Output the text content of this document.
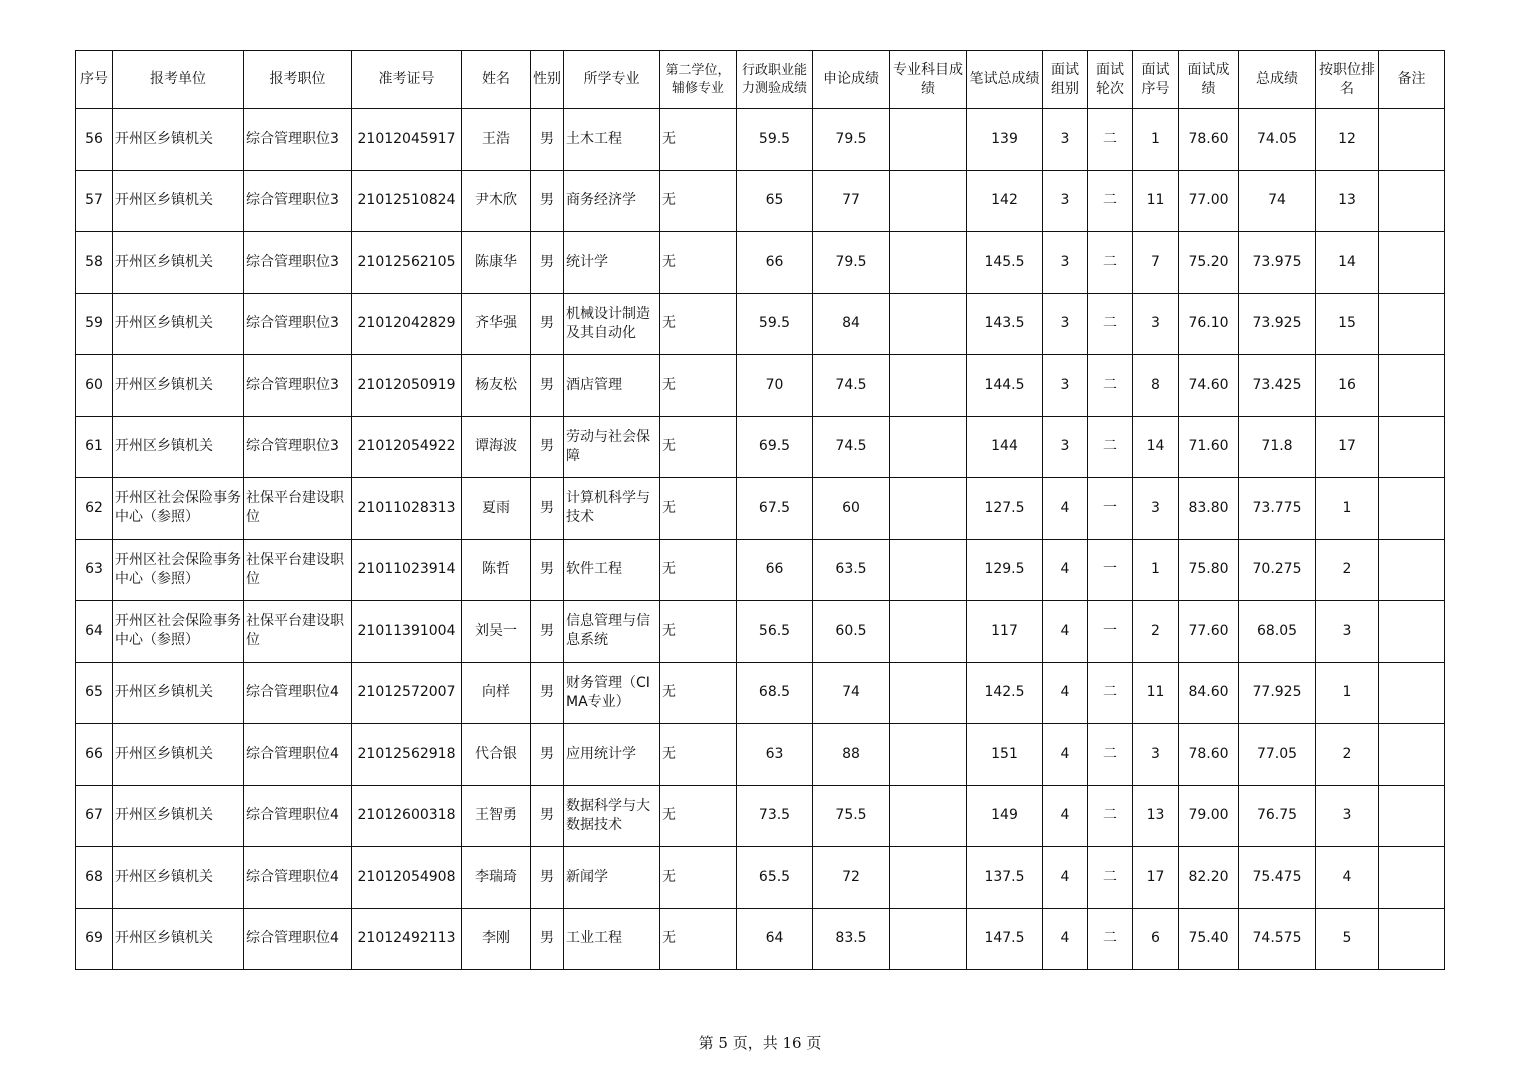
序号	报考单位	报考职位	准考证号	姓名	性别	所学专业	第二学位，辅修专业	行政职业能力测验成绩	申论成绩	专业科目成绩	笔试总成绩	面试组别	面试轮次	面试序号	面试成绩	总成绩	按职位排名	备注
56	开州区乡镇机关	综合管理职位3	21012045917	王浩	男	土木工程	无	59.5	79.5		139	3	二	1	78.60	74.05	12	
57	开州区乡镇机关	综合管理职位3	21012510824	尹木欣	男	商务经济学	无	65	77		142	3	二	11	77.00	74	13	
58	开州区乡镇机关	综合管理职位3	21012562105	陈康华	男	统计学	无	66	79.5		145.5	3	二	7	75.20	73.975	14	
59	开州区乡镇机关	综合管理职位3	21012042829	齐华强	男	机械设计制造及其自动化	无	59.5	84		143.5	3	二	3	76.10	73.925	15	
60	开州区乡镇机关	综合管理职位3	21012050919	杨友松	男	酒店管理	无	70	74.5		144.5	3	二	8	74.60	73.425	16	
61	开州区乡镇机关	综合管理职位3	21012054922	谭海波	男	劳动与社会保障	无	69.5	74.5		144	3	二	14	71.60	71.8	17	
62	开州区社会保险事务中心（参照）	社保平台建设职位	21011028313	夏雨	男	计算机科学与技术	无	67.5	60		127.5	4	一	3	83.80	73.775	1	
63	开州区社会保险事务中心（参照）	社保平台建设职位	21011023914	陈哲	男	软件工程	无	66	63.5		129.5	4	一	1	75.80	70.275	2	
64	开州区社会保险事务中心（参照）	社保平台建设职位	21011391004	刘吴一	男	信息管理与信息系统	无	56.5	60.5		117	4	一	2	77.60	68.05	3	
65	开州区乡镇机关	综合管理职位4	21012572007	向样	男	财务管理（CIMA专业）	无	68.5	74		142.5	4	二	11	84.60	77.925	1	
66	开州区乡镇机关	综合管理职位4	21012562918	代合银	男	应用统计学	无	63	88		151	4	二	3	78.60	77.05	2	
67	开州区乡镇机关	综合管理职位4	21012600318	王智勇	男	数据科学与大数据技术	无	73.5	75.5		149	4	二	13	79.00	76.75	3	
68	开州区乡镇机关	综合管理职位4	21012054908	李瑞琦	男	新闻学	无	65.5	72		137.5	4	二	17	82.20	75.475	4	
69	开州区乡镇机关	综合管理职位4	21012492113	李刚	男	工业工程	无	64	83.5		147.5	4	二	6	75.40	74.575	5	
第 5 页，共 16 页
